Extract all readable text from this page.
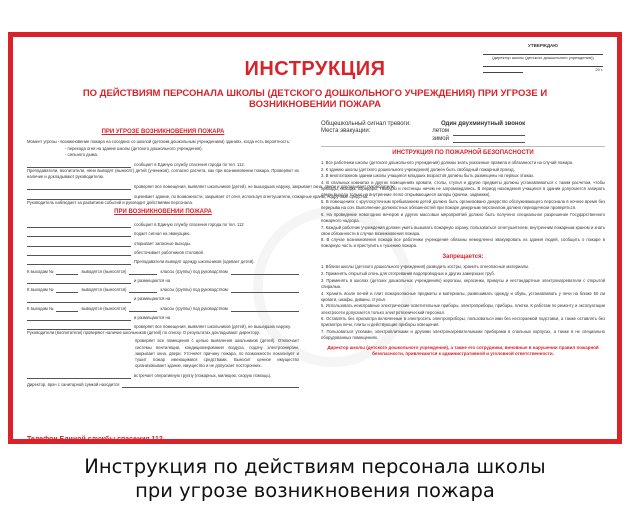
УТВЕРЖДАЮ
(директор школы (детского дошкольного учреждения))
20 г.
ИНСТРУКЦИЯ
ПО ДЕЙСТВИЯМ ПЕРСОНАЛА ШКОЛЫ (ДЕТСКОГО ДОШКОЛЬНОГО УЧРЕЖДЕНИЯ) ПРИ УГРОЗЕ И ВОЗНИКНОВЕНИИ ПОЖАРА
ПРИ УГРОЗЕ ВОЗНИКНОВЕНИЯ ПОЖАРА
Момент угрозы - возникновение пожара на соседних со школой (детским дошкольным учреждением) зданиях, когда есть вероятность:
- перехода огня на здание школы (детского дошкольного учреждения);
- сильного дыма.
сообщает в Единую службу спасения города по тел. 112.
Преподаватели, воспитатели, няни выводят (выносят) детей (учеников), согласно расчета, как при возникновении пожара. Проверяют их наличие и докладывают руководителю.
проверяет все помещения, выявляет школьников (детей), не вышедших наружу, закрывает окна, двери и докладывает руководителю.
оценивает здание, по возможности, закрывает от огня, используя огнетушители, пожарные краны, подручные средства.
Руководитель наблюдает за развитием событий и руководит действиями персонала.
ПРИ ВОЗНИКНОВЕНИИ ПОЖАРА
сообщает в Единую службу спасения города по тел. 112
подает сигнал на эвакуацию.
открывает запасные выходы.
обесточивает работников столовой.
Преподаватели выводят одежду школьников (одевает детей).
К выходам №	выводятся (выносятся)	классы (группы) под руководством
и размещаются на
К выходам №	выводятся (выносятся)	классы (группы) под руководством
и размещаются на
К выходам №	выводятся (выносятся)	классы (группы) под руководством
и размещаются на
проверяет все помещения, выявляет школьников (детей), не вышедших наружу.
Руководители (воспитатели) проверяют наличие школьников (детей) по списку. О результатах докладывают директору.
проверяет все помещения с целью выявления школьников (детей). Отключает системы вентиляции, кондиционирования воздуха, подачу электроэнергии, закрывает окна, двери. Уточняет причину пожара, по возможности локализует и тушит пожар имеющимися средствами. Выносит ценное имущество организовывает здание, имущество и не допускает посторонних.
встречает оперативную группу (пожарных, милицию, скорую помощь).
Директор, врач с санитарной сумкой находится
Телефон Единой службы спасения 112,
Общешкольный сигнал тревоги:	Один двухминутный звонок
Места эвакуации:	летом
зимой
ИНСТРУКЦИЯ ПО ПОЖАРНОЙ БЕЗОПАСНОСТИ
1. Все работники школы (детского дошкольного учреждения) должны знать указанные правила и обязанности на случай пожара.
2. К зданию школы (детского дошкольного учреждения) должен быть свободный пожарный проезд.
3. В многоэтажном здании школы учащиеся младших возрастов должны быть размещены на первых этажах.
4. В спальных комнатах и других помещениях кровати, столы, стулья и другие предметы должны устанавливаться с таким расчетом, чтобы проходы, выходы, коридоры, тамбуры и лестницы ничем не загромождались. В период нахождения учащихся в здании допускается запирать двери выхода только на внутренние легко открывающиеся запоры (крючки, задвижки).
5. В помещениях с круглосуточным пребыванием детей должно быть организовано дежурство обслуживающего персонала в ночное время без перерыва на сон. Выполнение должностных обязанностей при пожаре дежурным персоналом должно периодически проверяться.
6. На проведение новогодних вечеров и других массовых мероприятий должно быть получено специальное разрешение Государственного пожарного надзора.
7. Каждый работник учреждения должен уметь вызывать пожарную охрану, пользоваться огнетушителем, внутренним пожарным краном и знать свои обязанности в случае возникновения пожара.
8. В случае возникновения пожара все работники учреждения обязаны немедленно эвакуировать из здания людей, сообщить о пожаре в пожарную часть и приступить к тушению пожара.
Запрещается:
1. Вблизи школы (детского дошкольного учреждения) разводить костры, хранить огнеопасные материалы.
2. Применять открытый огонь для отогревания водопроводных и других замерзших труб.
3. Применять в школах (детских дошкольных учреждениях) керогазы, керосинки, примусы и нестандартные электронагреватели с открытой спиралью.
4. Хранить возле печей и плит пожароопасные предметы и материалы, развешивать одежду и обувь, устанавливать у печи на ближе 50 см кровати, шкафы, диваны, стулья.
5. Использовать неисправные электрические осветительные приборы, электроприборы, приборы, плитки. К работам по ремонту и эксплуатации электросети допускается только электротехнический персонал.
6. Оставлять без присмотра включенные в электросеть электроприборы, пользоваться ими без несгораемой подставки, а также оставлять без присмотра печи, плиты и действующие приборы освещения.
7. Пользоваться утюгами, электроплитками и другими электронагревательными приборами в спальных корпусах, а также в не специально оборудованных помещениях.
Директор школы (детского дошкольного учреждения), а также его сотрудники, виновные в нарушении правил пожарной безопасности, привлекаются к административной и уголовной ответственности.
Инструкция по действиям персонала школы
при угрозе возникновения пожара
